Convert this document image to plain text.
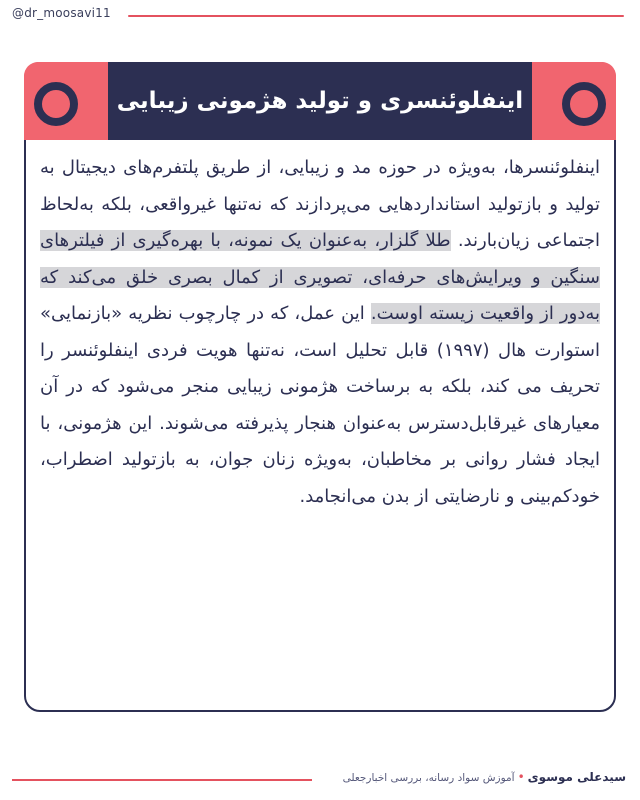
@dr_moosavi11
اینفلوئنسری و تولید هژمونی زیبایی

اینفلوئنسرها، به‌ویژه در حوزه مد و زیبایی، از طریق پلتفرم‌های دیجیتال به تولید و بازتولید استانداردهایی می‌پردازند که نه‌تنها غیرواقعی، بلکه به‌لحاظ اجتماعی زیان‌بارند. طلا گلزار، به‌عنوان یک نمونه، با بهره‌گیری از فیلترهای سنگین و ویرایش‌های حرفه‌ای، تصویری از کمال بصری خلق می‌کند که به‌دور از واقعیت زیسته اوست. این عمل، که در چارچوب نظریه «بازنمایی» استوارت هال (۱۹۹۷) قابل تحلیل است، نه‌تنها هویت فردی اینفلوئنسر را تحریف می کند، بلکه به برساخت هژمونی زیبایی منجر می‌شود که در آن معیارهای غیرقابل‌دسترس به‌عنوان هنجار پذیرفته می‌شوند. این هژمونی، با ایجاد فشار روانی بر مخاطبان، به‌ویژه زنان جوان، به بازتولید اضطراب، خودکم‌بینی و نارضایتی از بدن می‌انجامد.

سیدعلی موسوی•آموزش سواد رسانه، بررسی اخبارجعلی
